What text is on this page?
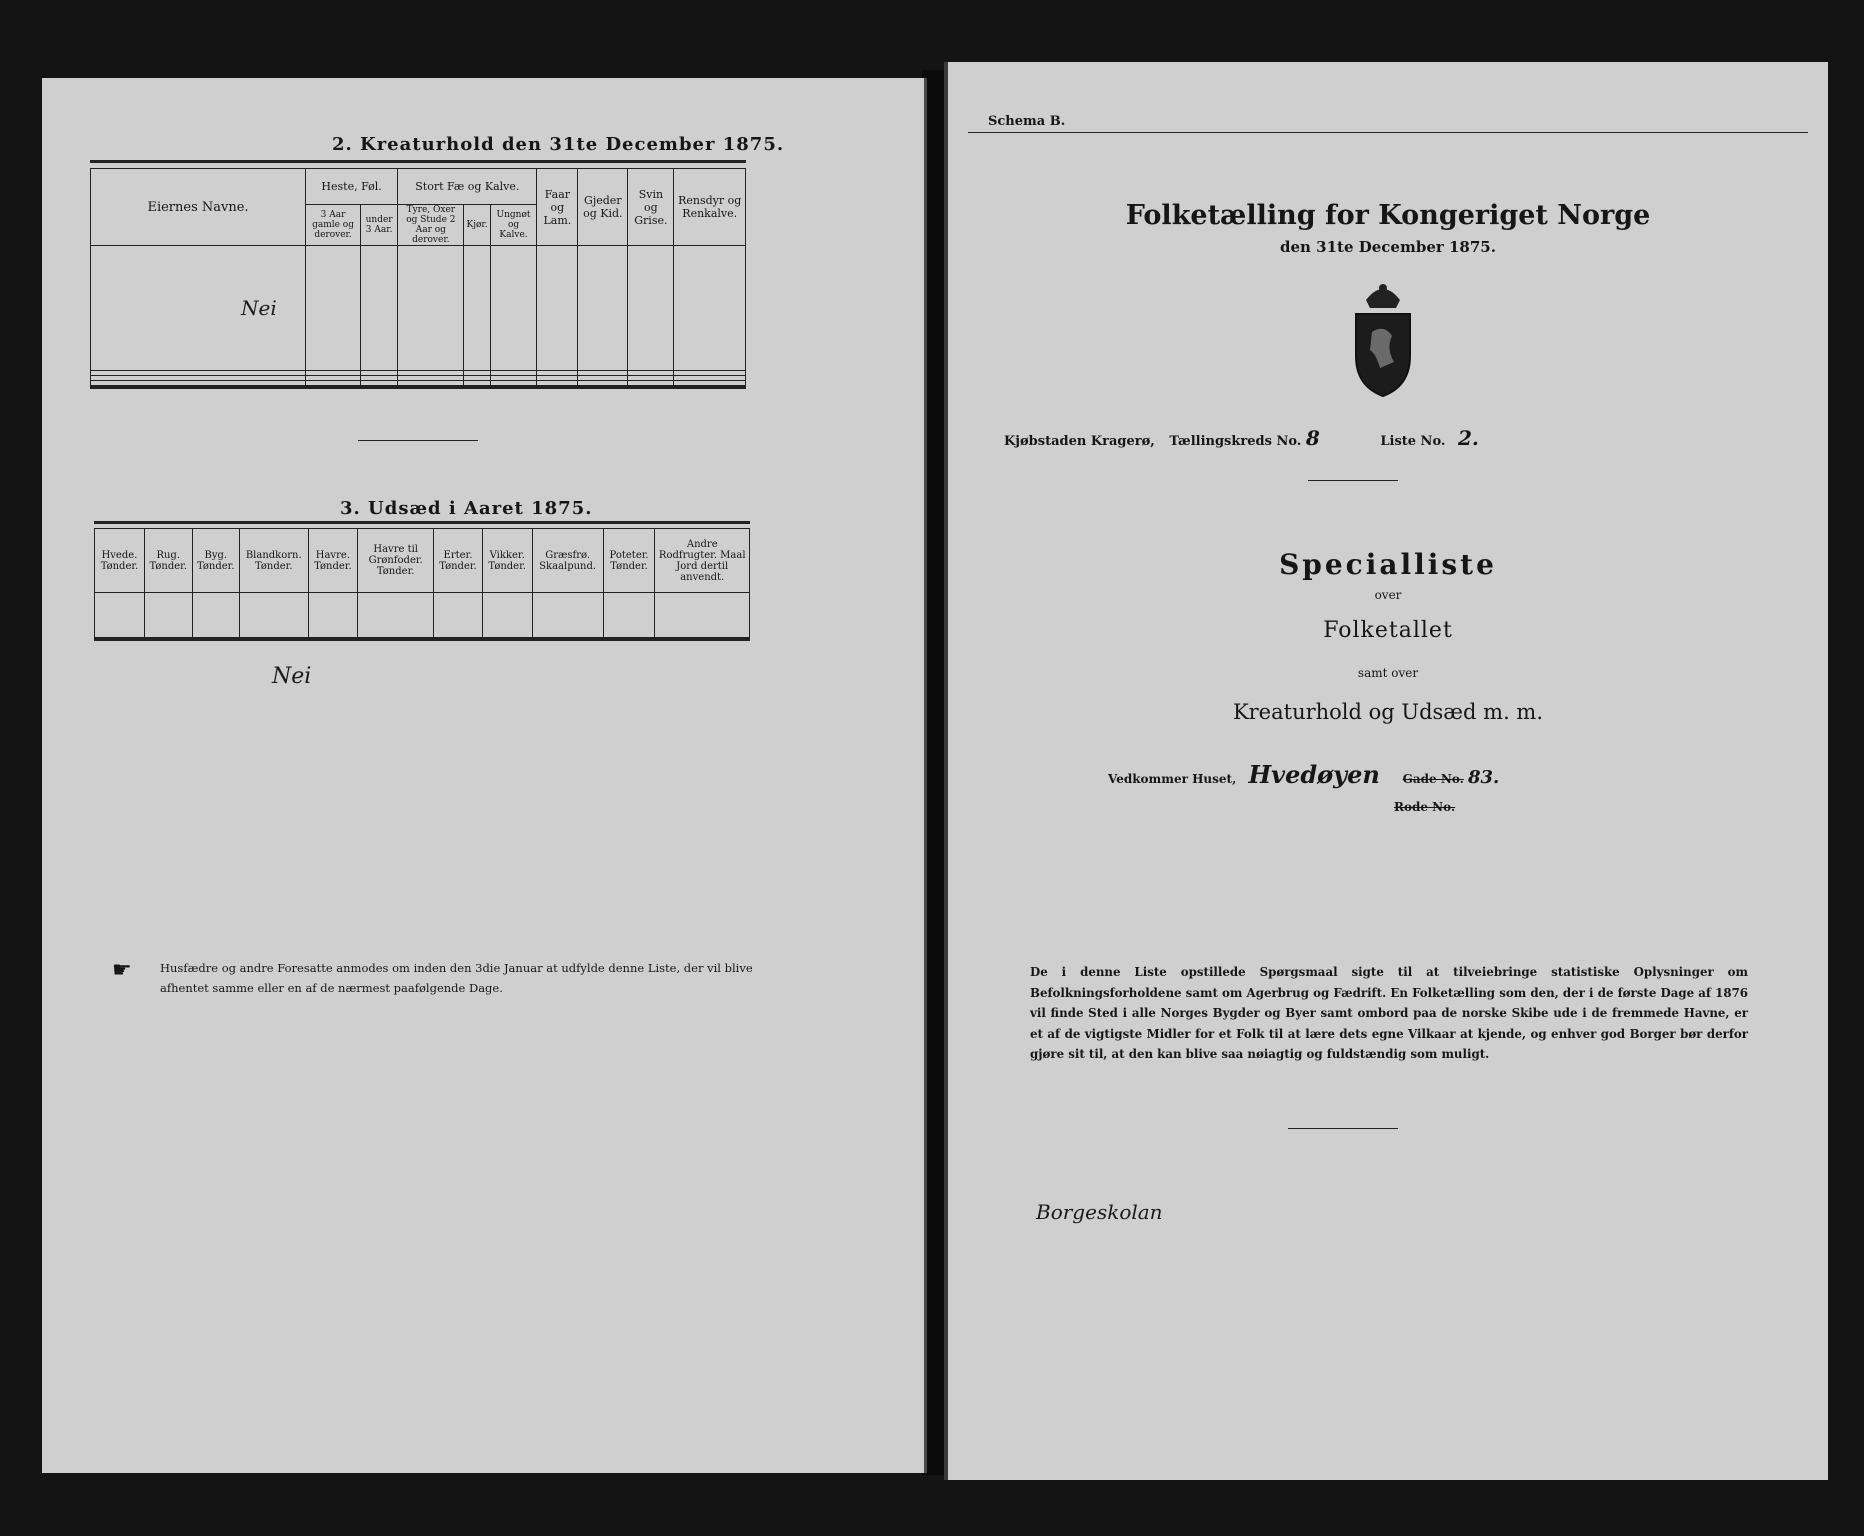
2. Kreaturhold den 31te December 1875.
Eiernes Navne.	Heste, Føl.		Stort Fæ og Kalve.			Faar og Lam.	Gjeder og Kid.	Svin og Grise.	Rensdyr og Renkalve.
	3 Aar gamle og derover.	under 3 Aar.	Tyre, Oxer og Stude 2 Aar og derover.	Kjør.	Ungnøt og Kalve.				
Nei									

3. Udsæd i Aaret 1875.
Hvede. Tønder.	Rug. Tønder.	Byg. Tønder.	Blandkorn. Tønder.	Havre. Tønder.	Havre til Grønfoder. Tønder.	Erter. Tønder.	Vikker. Tønder.	Græsfrø. Skaalpund.	Poteter. Tønder.	Andre Rodfrugter. Maal Jord dertil anvendt.

Nei
☛ Husfædre og andre Foresatte anmodes om inden den 3die Januar at udfylde denne Liste, der vil blive afhentet samme eller en af de nærmest paafølgende Dage.
Schema B.
Folketælling for Kongeriget Norge
den 31te December 1875.
Kjøbstaden Kragerø, Tællingskreds No. 8	Liste No. 2.
Specialliste
over
Folketallet
samt over
Kreaturhold og Udsæd m. m.
Vedkommer Huset, Hvedøyen Gade No. 83.
Rode No.
De i denne Liste opstillede Spørgsmaal sigte til at tilveiebringe statistiske Oplysninger om Befolkningsforholdene samt om Agerbrug og Fædrift. En Folketælling som den, der i de første Dage af 1876 vil finde Sted i alle Norges Bygder og Byer samt ombord paa de norske Skibe ude i de fremmede Havne, er et af de vigtigste Midler for et Folk til at lære dets egne Vilkaar at kjende, og enhver god Borger bør derfor gjøre sit til, at den kan blive saa nøiagtig og fuldstændig som muligt.
Borgeskolan
